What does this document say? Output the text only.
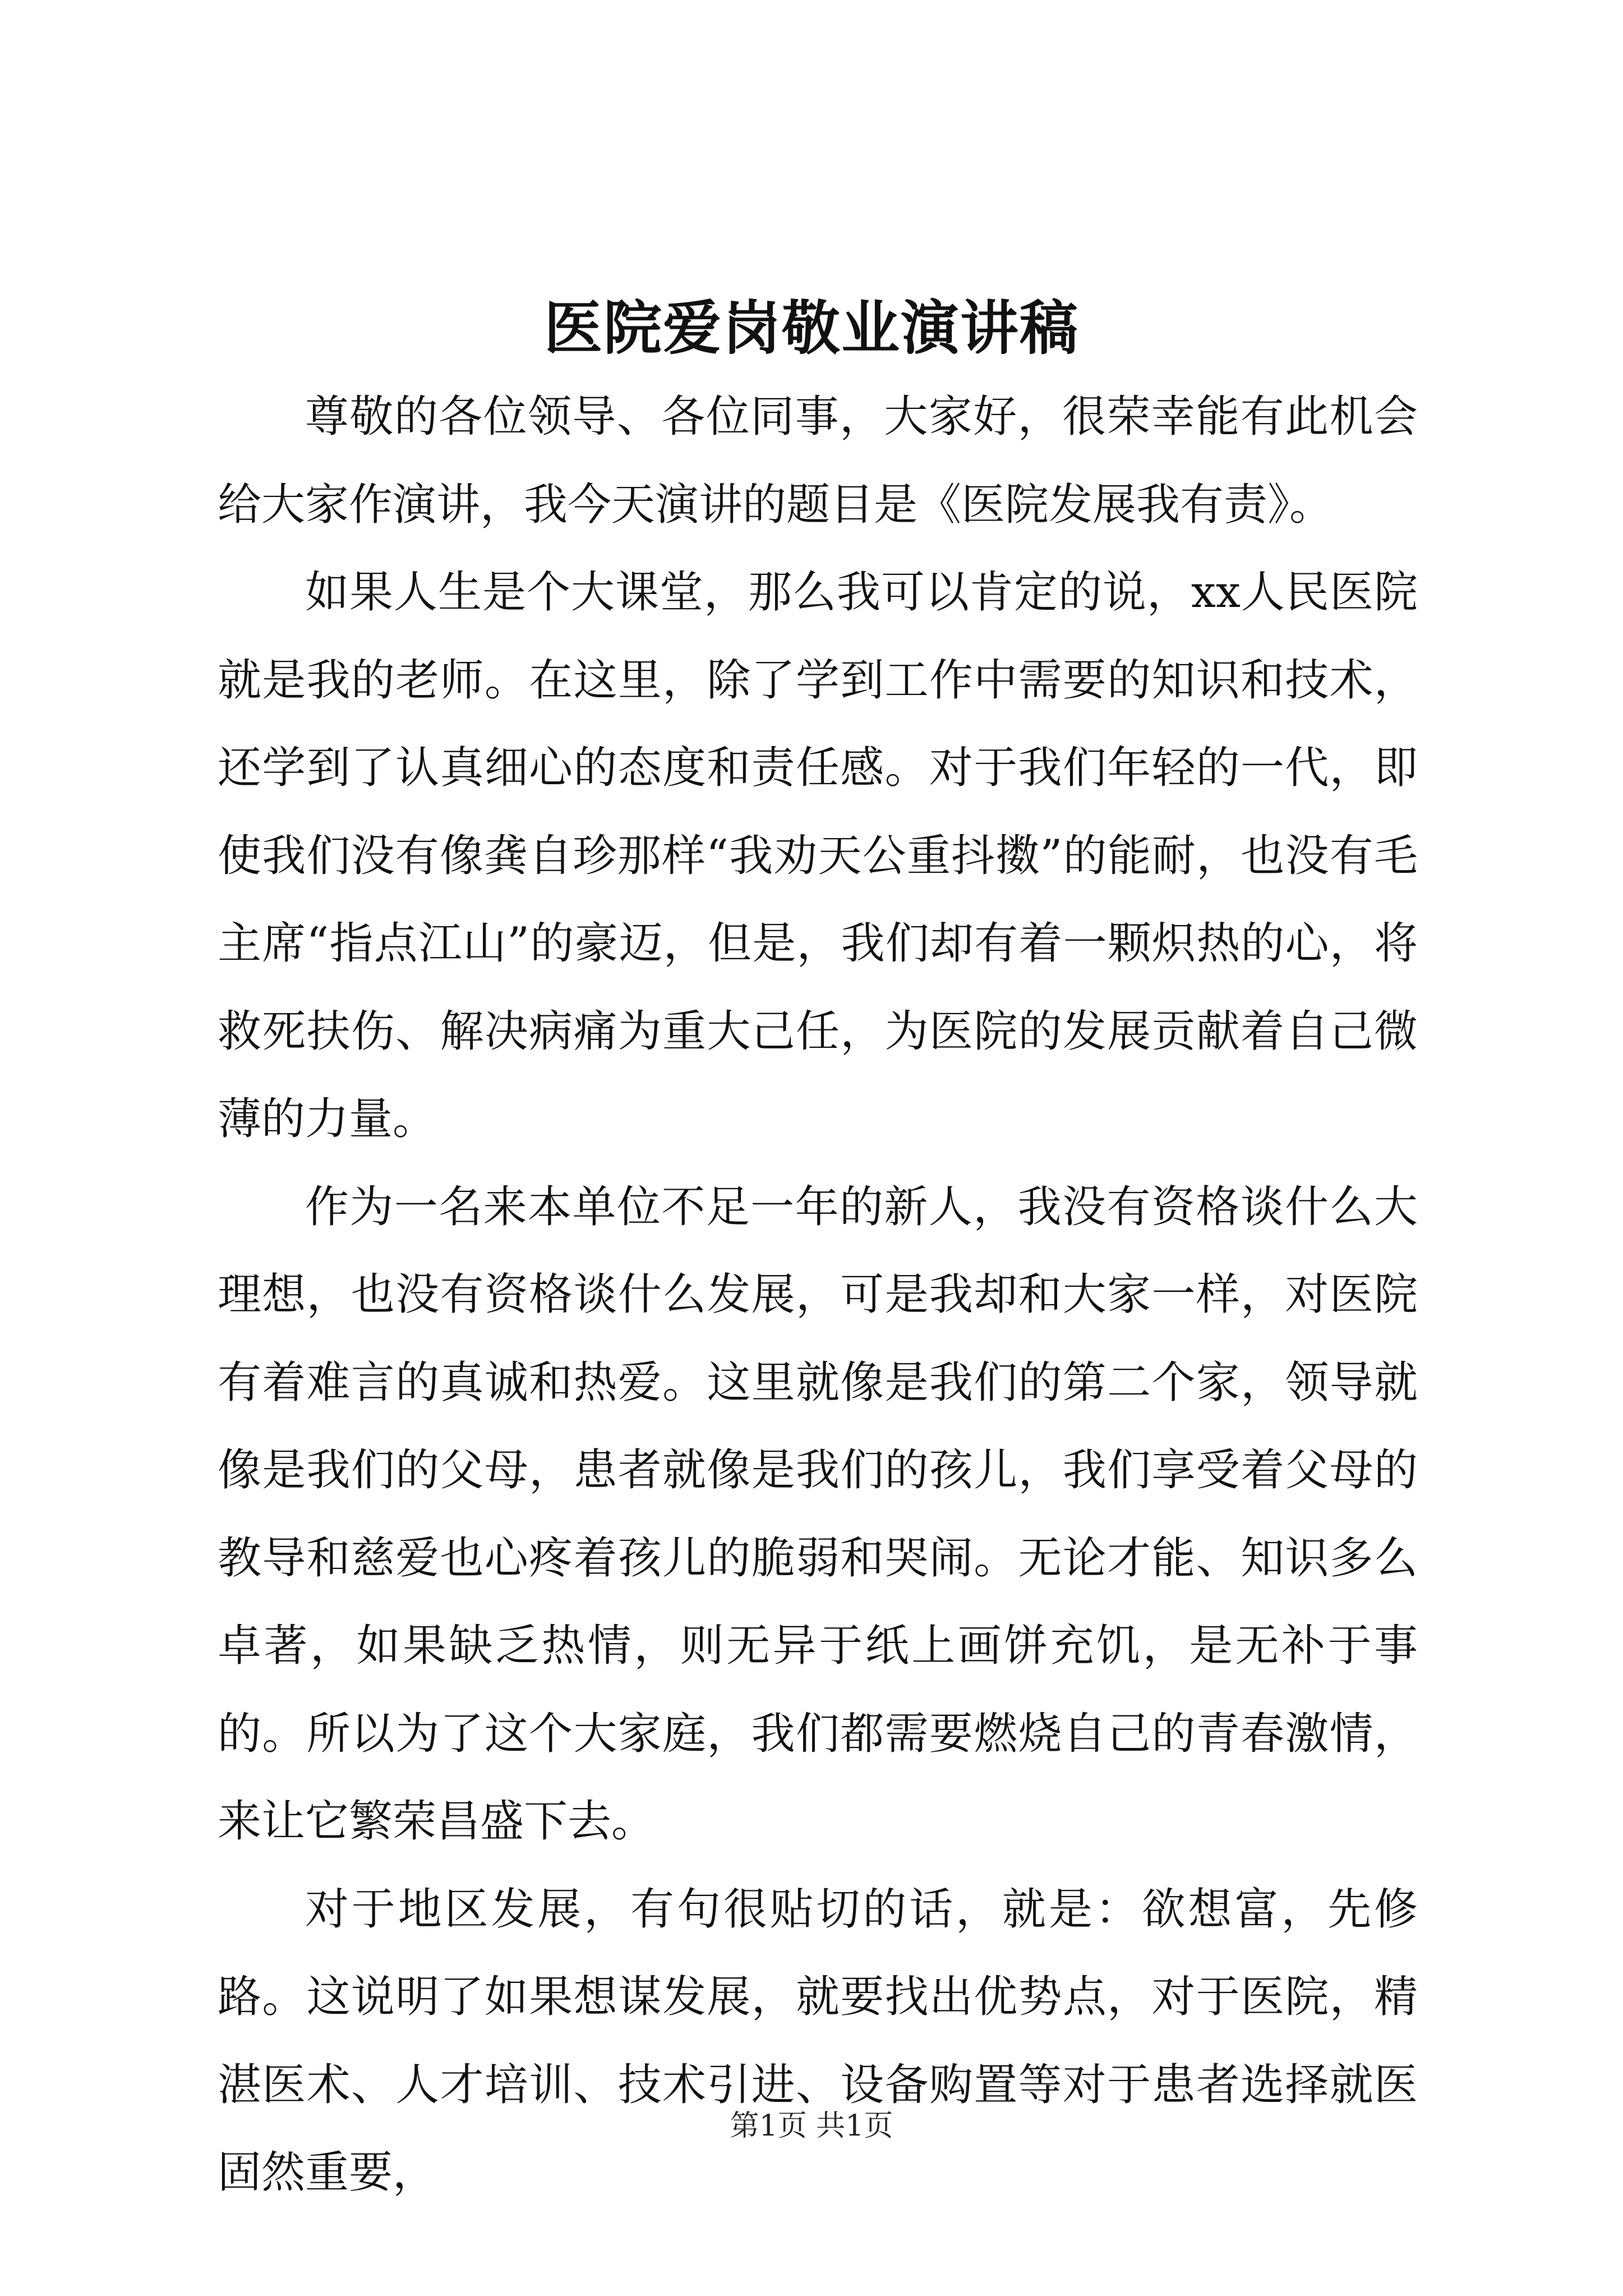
医院爱岗敬业演讲稿

尊敬的各位领导、各位同事，大家好，很荣幸能有此机会给大家作演讲，我今天演讲的题目是《医院发展我有责》。

如果人生是个大课堂，那么我可以肯定的说，xx人民医院就是我的老师。在这里，除了学到工作中需要的知识和技术，还学到了认真细心的态度和责任感。对于我们年轻的一代，即使我们没有像龚自珍那样“我劝天公重抖擞”的能耐，也没有毛主席“指点江山”的豪迈，但是，我们却有着一颗炽热的心，将救死扶伤、解决病痛为重大己任，为医院的发展贡献着自己微薄的力量。

作为一名来本单位不足一年的新人，我没有资格谈什么大理想，也没有资格谈什么发展，可是我却和大家一样，对医院有着难言的真诚和热爱。这里就像是我们的第二个家，领导就像是我们的父母，患者就像是我们的孩儿，我们享受着父母的教导和慈爱也心疼着孩儿的脆弱和哭闹。无论才能、知识多么卓著，如果缺乏热情，则无异于纸上画饼充饥，是无补于事的。所以为了这个大家庭，我们都需要燃烧自己的青春激情，来让它繁荣昌盛下去。

对于地区发展，有句很贴切的话，就是：欲想富，先修路。这说明了如果想谋发展，就要找出优势点，对于医院，精湛医术、人才培训、技术引进、设备购置等对于患者选择就医固然重要，

第1页 共1页
